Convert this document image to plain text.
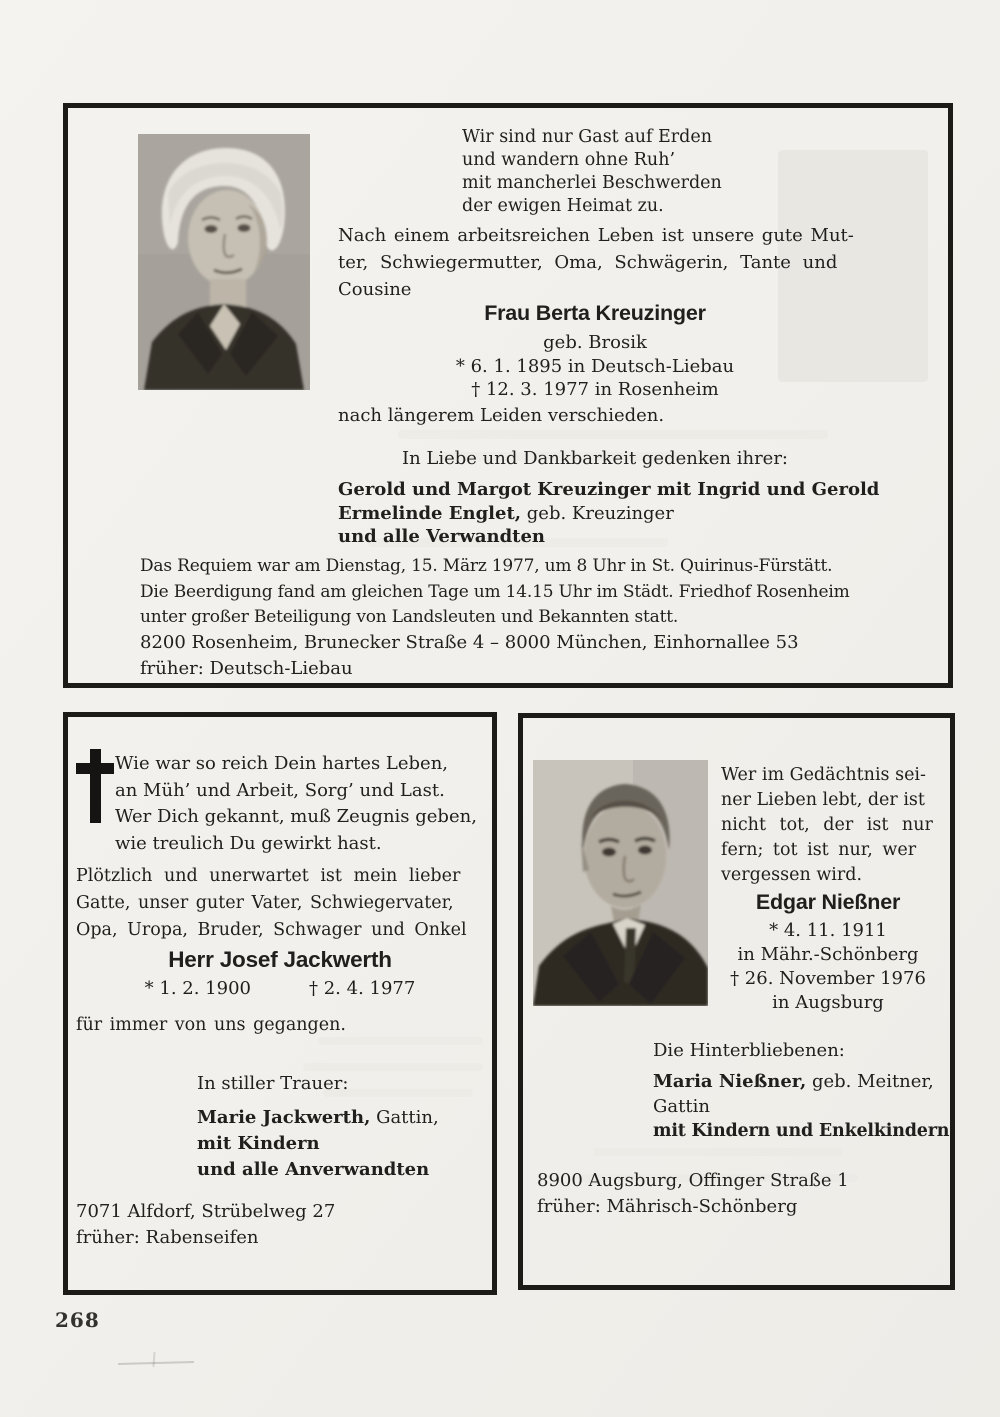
Wir sind nur Gast auf Erden
und wandern ohne Ruh’
mit mancherlei Beschwerden
der ewigen Heimat zu.
Nach einem arbeitsreichen Leben ist unsere gute Mut-
ter, Schwiegermutter, Oma, Schwägerin, Tante und
Cousine
Frau Berta Kreuzinger
geb. Brosik
* 6. 1. 1895 in Deutsch-Liebau
† 12. 3. 1977 in Rosenheim
nach längerem Leiden verschieden.
In Liebe und Dankbarkeit gedenken ihrer:
Gerold und Margot Kreuzinger mit Ingrid und Gerold
Ermelinde Englet, geb. Kreuzinger
und alle Verwandten
Das Requiem war am Dienstag, 15. März 1977, um 8 Uhr in St. Quirinus-Fürstätt.
Die Beerdigung fand am gleichen Tage um 14.15 Uhr im Städt. Friedhof Rosenheim
unter großer Beteiligung von Landsleuten und Bekannten statt.
8200 Rosenheim, Brunecker Straße 4 – 8000 München, Einhornallee 53
früher: Deutsch-Liebau
Wie war so reich Dein hartes Leben,
an Müh’ und Arbeit, Sorg’ und Last.
Wer Dich gekannt, muß Zeugnis geben,
wie treulich Du gewirkt hast.
Plötzlich und unerwartet ist mein lieber
Gatte, unser guter Vater, Schwiegervater,
Opa, Uropa, Bruder, Schwager und Onkel
Herr Josef Jackwerth
* 1. 2. 1900	† 2. 4. 1977
für immer von uns gegangen.
In stiller Trauer:
Marie Jackwerth, Gattin,
mit Kindern
und alle Anverwandten
7071 Alfdorf, Strübelweg 27
früher: Rabenseifen
Wer im Gedächtnis sei-
ner Lieben lebt, der ist
nicht tot, der ist nur
fern; tot ist nur, wer
vergessen wird.
Edgar Nießner
* 4. 11. 1911
in Mähr.-Schönberg
† 26. November 1976
in Augsburg
Die Hinterbliebenen:
Maria Nießner, geb. Meitner,
Gattin
mit Kindern und Enkelkindern
8900 Augsburg, Offinger Straße 1
früher: Mährisch-Schönberg
268
